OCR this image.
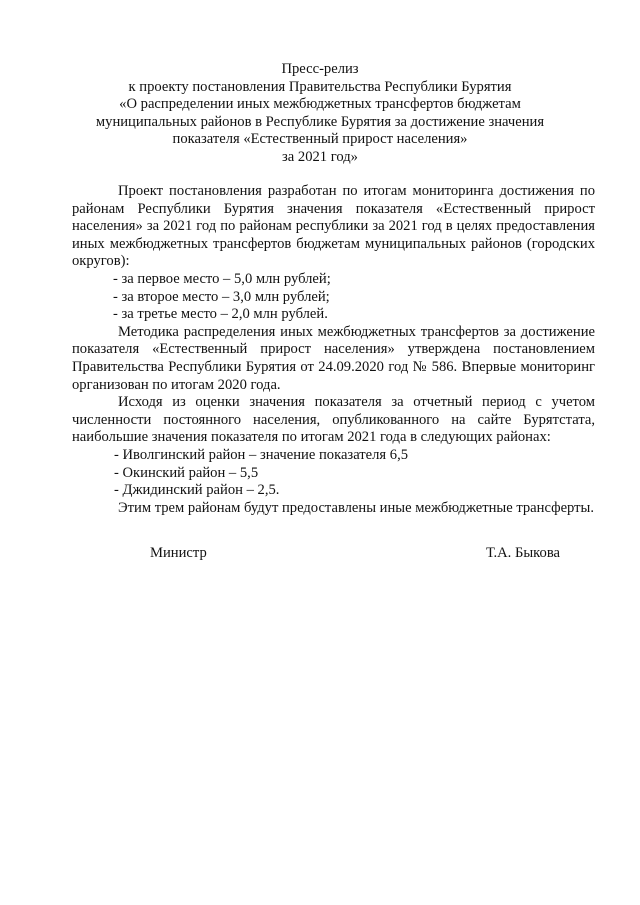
Пресс-релиз
к проекту постановления Правительства Республики Бурятия
«О распределении иных межбюджетных трансфертов бюджетам
муниципальных районов в Республике Бурятия за достижение значения
показателя «Естественный прирост населения»
за 2021 год»

Проект постановления разработан по итогам мониторинга достижения по районам Республики Бурятия значения показателя «Естественный прирост населения» за 2021 год по районам республики за 2021 год в целях предоставления иных межбюджетных трансфертов бюджетам муниципальных районов (городских округов):

- за первое место – 5,0 млн рублей;

- за второе место – 3,0 млн рублей;

- за третье место – 2,0 млн рублей.

Методика распределения иных межбюджетных трансфертов за достижение показателя «Естественный прирост населения» утверждена постановлением Правительства Республики Бурятия от 24.09.2020 год № 586. Впервые мониторинг организован по итогам 2020 года.

Исходя из оценки значения показателя за отчетный период с учетом численности постоянного населения, опубликованного на сайте Бурятстата, наибольшие значения показателя по итогам 2021 года в следующих районах:

- Иволгинский район – значение показателя 6,5

- Окинский район – 5,5

- Джидинский район – 2,5.

Этим трем районам будут предоставлены иные межбюджетные трансферты.

Министр	Т.А. Быкова
